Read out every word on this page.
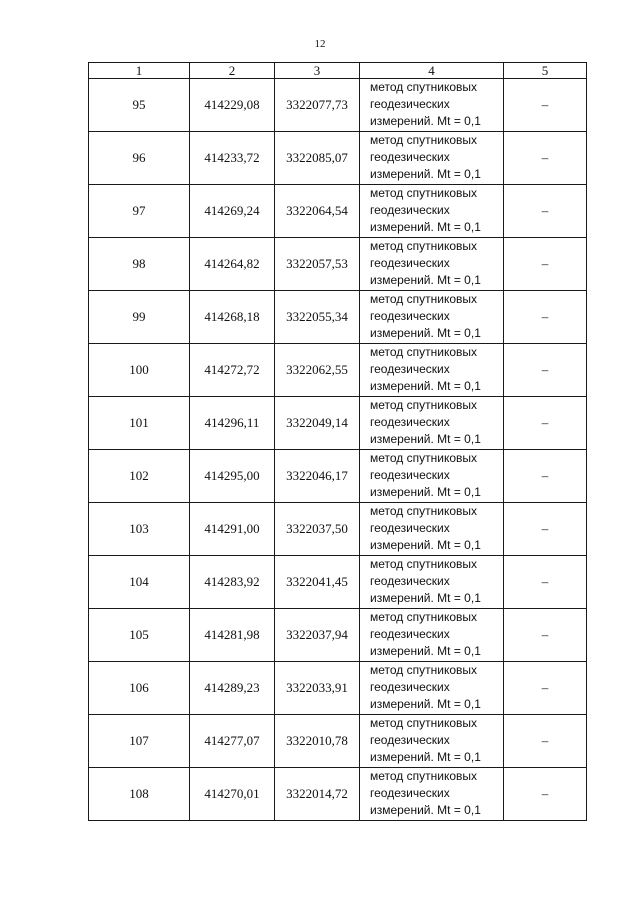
12
1	2	3	4	5
95	414229,08	3322077,73	метод спутниковых
геодезических
измерений. Mt = 0,1	–
96	414233,72	3322085,07	метод спутниковых
геодезических
измерений. Mt = 0,1	–
97	414269,24	3322064,54	метод спутниковых
геодезических
измерений. Mt = 0,1	–
98	414264,82	3322057,53	метод спутниковых
геодезических
измерений. Mt = 0,1	–
99	414268,18	3322055,34	метод спутниковых
геодезических
измерений. Mt = 0,1	–
100	414272,72	3322062,55	метод спутниковых
геодезических
измерений. Mt = 0,1	–
101	414296,11	3322049,14	метод спутниковых
геодезических
измерений. Mt = 0,1	–
102	414295,00	3322046,17	метод спутниковых
геодезических
измерений. Mt = 0,1	–
103	414291,00	3322037,50	метод спутниковых
геодезических
измерений. Mt = 0,1	–
104	414283,92	3322041,45	метод спутниковых
геодезических
измерений. Mt = 0,1	–
105	414281,98	3322037,94	метод спутниковых
геодезических
измерений. Mt = 0,1	–
106	414289,23	3322033,91	метод спутниковых
геодезических
измерений. Mt = 0,1	–
107	414277,07	3322010,78	метод спутниковых
геодезических
измерений. Mt = 0,1	–
108	414270,01	3322014,72	метод спутниковых
геодезических
измерений. Mt = 0,1	–
